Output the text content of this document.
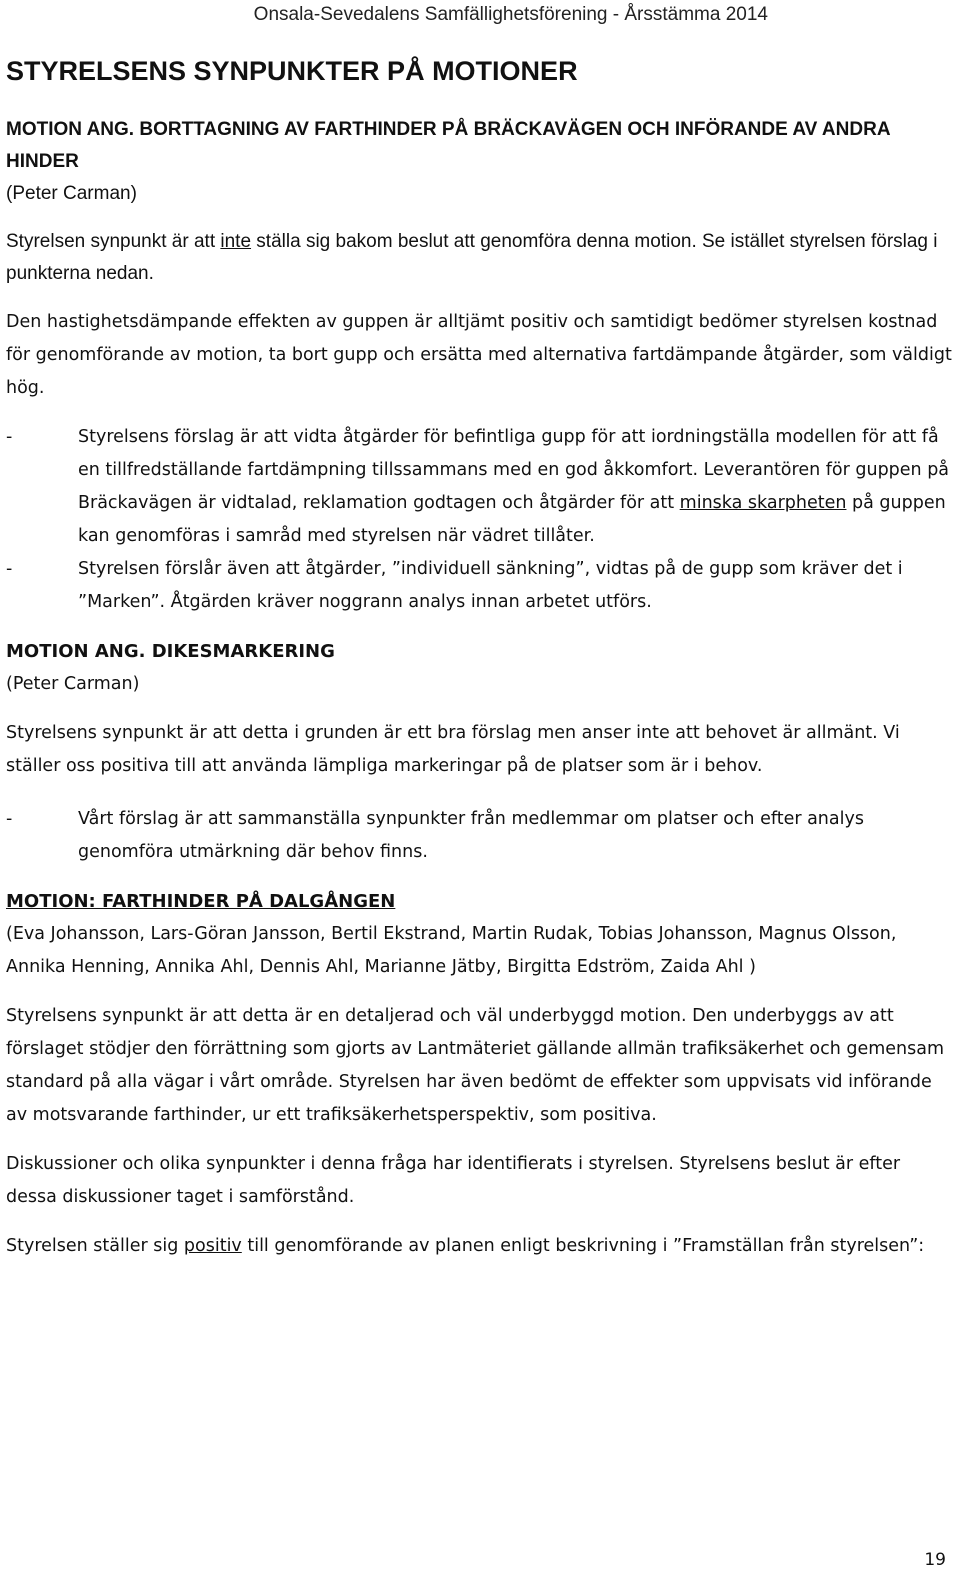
Onsala-Sevedalens Samfällighetsförening - Årsstämma 2014
STYRELSENS SYNPUNKTER PÅ MOTIONER
MOTION ANG. BORTTAGNING AV FARTHINDER PÅ BRÄCKAVÄGEN OCH INFÖRANDE AV ANDRA HINDER

(Peter Carman)

Styrelsen synpunkt är att inte ställa sig bakom beslut att genomföra denna motion. Se istället styrelsen förslag i punkterna nedan.

Den hastighetsdämpande effekten av guppen är alltjämt positiv och samtidigt bedömer styrelsen kostnad för genomförande av motion, ta bort gupp och ersätta med alternativa fartdämpande åtgärder, som väldigt hög.

-	Styrelsens förslag är att vidta åtgärder för befintliga gupp för att iordningställa modellen för att få en tillfredställande fartdämpning tillssammans med en god åkkomfort. Leverantören för guppen på Bräckavägen är vidtalad, reklamation godtagen och åtgärder för att minska skarpheten på guppen kan genomföras i samråd med styrelsen när vädret tillåter.
-	Styrelsen förslår även att åtgärder, ”individuell sänkning”, vidtas på de gupp som kräver det i ”Marken”. Åtgärden kräver noggrann analys innan arbetet utförs.
MOTION ANG. DIKESMARKERING

(Peter Carman)

Styrelsens synpunkt är att detta i grunden är ett bra förslag men anser inte att behovet är allmänt. Vi ställer oss positiva till att använda lämpliga markeringar på de platser som är i behov.

-	Vårt förslag är att sammanställa synpunkter från medlemmar om platser och efter analys genomföra utmärkning där behov finns.
MOTION: FARTHINDER PÅ DALGÅNGEN

(Eva Johansson, Lars-Göran Jansson, Bertil Ekstrand, Martin Rudak, Tobias Johansson, Magnus Olsson, Annika Henning, Annika Ahl, Dennis Ahl, Marianne Jätby, Birgitta Edström, Zaida Ahl )

Styrelsens synpunkt är att detta är en detaljerad och väl underbyggd motion. Den underbyggs av att förslaget stödjer den förrättning som gjorts av Lantmäteriet gällande allmän trafiksäkerhet och gemensam standard på alla vägar i vårt område. Styrelsen har även bedömt de effekter som uppvisats vid införande av motsvarande farthinder, ur ett trafiksäkerhetsperspektiv, som positiva.

Diskussioner och olika synpunkter i denna fråga har identifierats i styrelsen. Styrelsens beslut är efter dessa diskussioner taget i samförstånd.

Styrelsen ställer sig positiv till genomförande av planen enligt beskrivning i ”Framställan från styrelsen”:

19
